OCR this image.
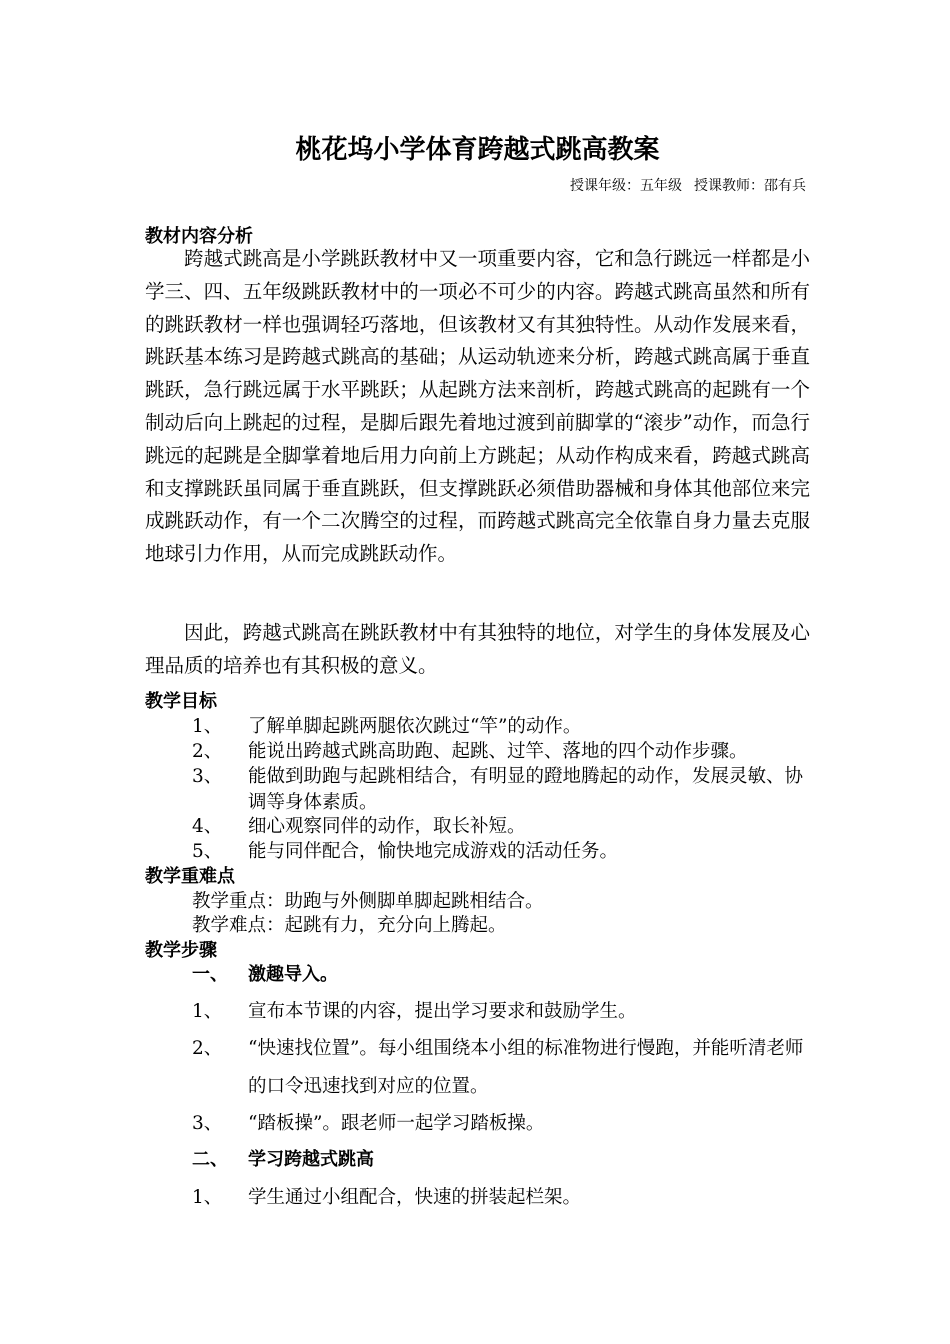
桃花坞小学体育跨越式跳高教案
授课年级：五年级 授课教师：邵有兵
教材内容分析
跨越式跳高是小学跳跃教材中又一项重要内容，它和急行跳远一样都是小学三、四、五年级跳跃教材中的一项必不可少的内容。跨越式跳高虽然和所有的跳跃教材一样也强调轻巧落地，但该教材又有其独特性。从动作发展来看，跳跃基本练习是跨越式跳高的基础；从运动轨迹来分析，跨越式跳高属于垂直跳跃，急行跳远属于水平跳跃；从起跳方法来剖析，跨越式跳高的起跳有一个制动后向上跳起的过程，是脚后跟先着地过渡到前脚掌的“滚步”动作，而急行跳远的起跳是全脚掌着地后用力向前上方跳起；从动作构成来看，跨越式跳高和支撑跳跃虽同属于垂直跳跃，但支撑跳跃必须借助器械和身体其他部位来完成跳跃动作，有一个二次腾空的过程，而跨越式跳高完全依靠自身力量去克服地球引力作用，从而完成跳跃动作。
因此，跨越式跳高在跳跃教材中有其独特的地位，对学生的身体发展及心理品质的培养也有其积极的意义。
教学目标
1、 了解单脚起跳两腿依次跳过“竿”的动作。
2、 能说出跨越式跳高助跑、起跳、过竿、落地的四个动作步骤。
3、 能做到助跑与起跳相结合，有明显的蹬地腾起的动作，发展灵敏、协调等身体素质。
4、 细心观察同伴的动作，取长补短。
5、 能与同伴配合，愉快地完成游戏的活动任务。
教学重难点
教学重点：助跑与外侧脚单脚起跳相结合。
教学难点：起跳有力，充分向上腾起。
教学步骤
一、 激趣导入。
1、 宣布本节课的内容，提出学习要求和鼓励学生。
2、 “快速找位置”。每小组围绕本小组的标准物进行慢跑，并能听清老师的口令迅速找到对应的位置。
3、 “踏板操”。跟老师一起学习踏板操。
二、 学习跨越式跳高
1、 学生通过小组配合，快速的拼装起栏架。
